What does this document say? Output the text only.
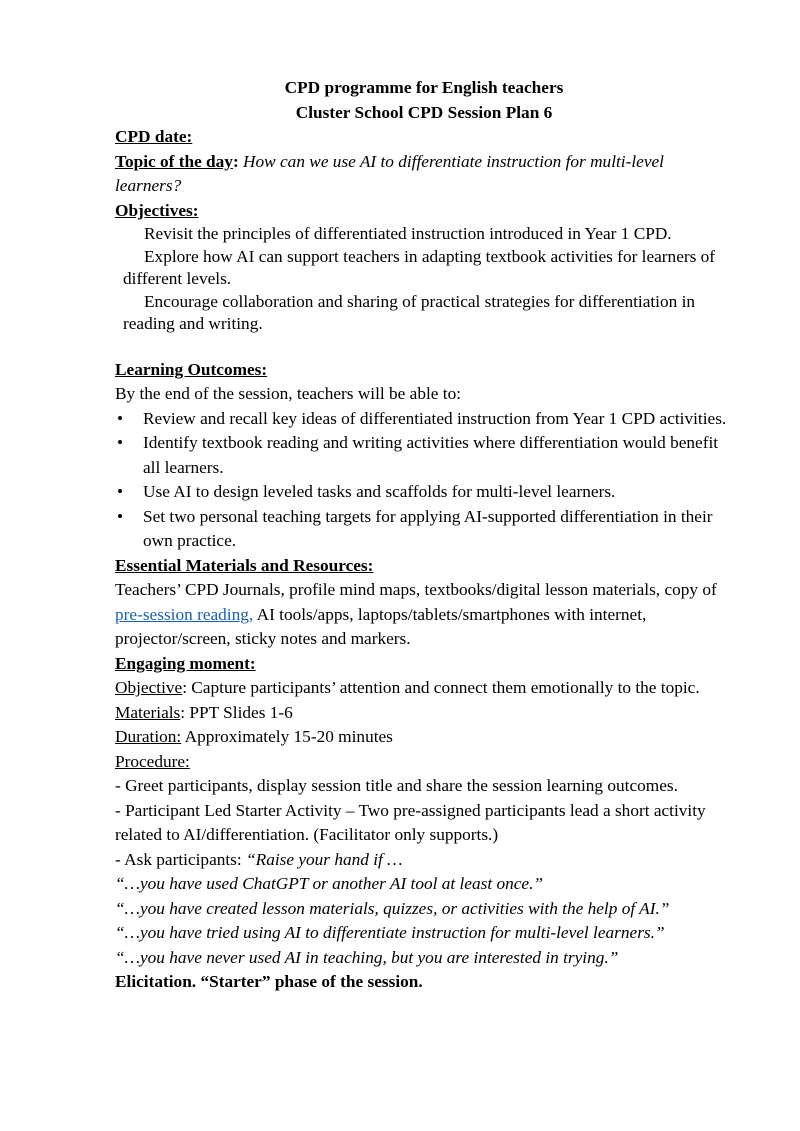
CPD programme for English teachers
Cluster School CPD Session Plan 6
CPD date:
Topic of the day: How can we use AI to differentiate instruction for multi-level learners?
Objectives:

Revisit the principles of differentiated instruction introduced in Year 1 CPD.

Explore how AI can support teachers in adapting textbook activities for learners of different levels.

Encourage collaboration and sharing of practical strategies for differentiation in reading and writing.

Learning Outcomes:
By the end of the session, teachers will be able to:
• Review and recall key ideas of differentiated instruction from Year 1 CPD activities.
• Identify textbook reading and writing activities where differentiation would benefit all learners.
• Use AI to design leveled tasks and scaffolds for multi-level learners.
• Set two personal teaching targets for applying AI-supported differentiation in their own practice.
Essential Materials and Resources:
Teachers’ CPD Journals, profile mind maps, textbooks/digital lesson materials, copy of pre-session reading, AI tools/apps, laptops/tablets/smartphones with internet, projector/screen, sticky notes and markers.
Engaging moment:
Objective: Capture participants’ attention and connect them emotionally to the topic.
Materials: PPT Slides 1-6
Duration: Approximately 15-20 minutes
Procedure:
- Greet participants, display session title and share the session learning outcomes.
- Participant Led Starter Activity – Two pre-assigned participants lead a short activity related to AI/differentiation. (Facilitator only supports.)
- Ask participants: “Raise your hand if …
“…you have used ChatGPT or another AI tool at least once.”
“…you have created lesson materials, quizzes, or activities with the help of AI.”
“…you have tried using AI to differentiate instruction for multi-level learners.”
“…you have never used AI in teaching, but you are interested in trying.”
Elicitation. “Starter” phase of the session.
